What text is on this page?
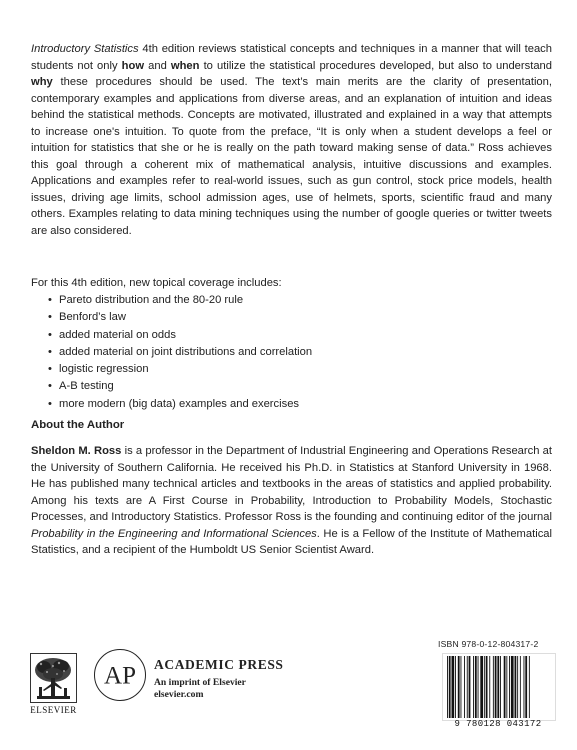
Introductory Statistics 4th edition reviews statistical concepts and techniques in a manner that will teach students not only how and when to utilize the statistical procedures developed, but also to understand why these procedures should be used. The text’s main merits are the clarity of presentation, contemporary examples and applications from diverse areas, and an explanation of intuition and ideas behind the statistical methods. Concepts are motivated, illustrated and explained in a way that attempts to increase one's intuition. To quote from the preface, “It is only when a student develops a feel or intuition for statistics that she or he is really on the path toward making sense of data.” Ross achieves this goal through a coherent mix of mathematical analysis, intuitive discussions and examples. Applications and examples refer to real-world issues, such as gun control, stock price models, health issues, driving age limits, school admission ages, use of helmets, sports, scientific fraud and many others. Examples relating to data mining techniques using the number of google queries or twitter tweets are also considered.

For this 4th edition, new topical coverage includes:

• Pareto distribution and the 80-20 rule
• Benford’s law
• added material on odds
• added material on joint distributions and correlation
• logistic regression
• A-B testing
• more modern (big data) examples and exercises

About the Author

Sheldon M. Ross is a professor in the Department of Industrial Engineering and Operations Research at the University of Southern California. He received his Ph.D. in Statistics at Stanford University in 1968. He has published many technical articles and textbooks in the areas of statistics and applied probability. Among his texts are A First Course in Probability, Introduction to Probability Models, Stochastic Processes, and Introductory Statistics. Professor Ross is the founding and continuing editor of the journal Probability in the Engineering and Informational Sciences. He is a Fellow of the Institute of Mathematical Statistics, and a recipient of the Humboldt US Senior Scientist Award.

ELSEVIER
AP ACADEMIC PRESS
An imprint of Elsevier
elsevier.com
ISBN 978-0-12-804317-2
9 780128 043172
